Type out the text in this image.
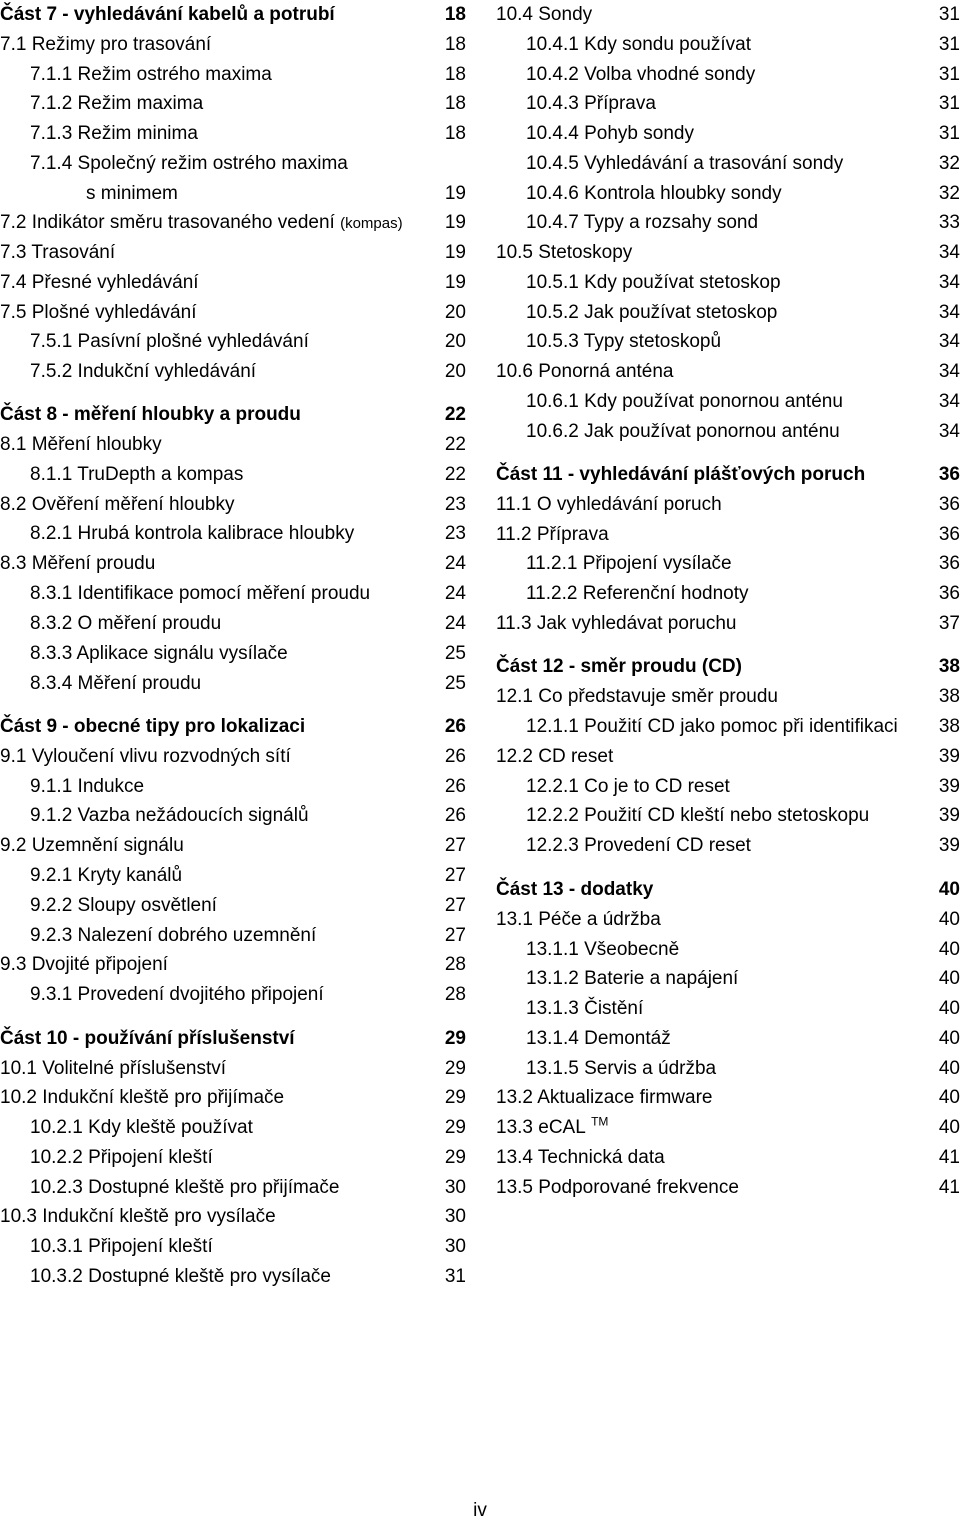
Část 7 - vyhledávání kabelů a potrubí	18
7.1 Režimy pro trasování	18
7.1.1 Režim ostrého maxima	18
7.1.2 Režim maxima	18
7.1.3 Režim minima	18
7.1.4 Společný režim ostrého maxima
s minimem	19
7.2 Indikátor směru trasovaného vedení (kompas) 19
7.3 Trasování	19
7.4 Přesné vyhledávání	19
7.5 Plošné vyhledávání	20
7.5.1 Pasívní plošné vyhledávání	20
7.5.2 Indukční vyhledávání	20
Část 8 - měření hloubky a proudu	22
8.1 Měření hloubky	22
8.1.1 TruDepth a kompas	22
8.2 Ověření měření hloubky	23
8.2.1 Hrubá kontrola kalibrace hloubky	23
8.3 Měření proudu	24
8.3.1 Identifikace pomocí měření proudu	24
8.3.2 O měření proudu	24
8.3.3 Aplikace signálu vysílače	25
8.3.4 Měření proudu	25
Část 9 - obecné tipy pro lokalizaci	26
9.1 Vyloučení vlivu rozvodných sítí	26
9.1.1 Indukce	26
9.1.2 Vazba nežádoucích signálů	26
9.2 Uzemnění signálu	27
9.2.1 Kryty kanálů	27
9.2.2 Sloupy osvětlení	27
9.2.3 Nalezení dobrého uzemnění	27
9.3 Dvojité připojení	28
9.3.1 Provedení dvojitého připojení	28
Část 10 - používání příslušenství	29
10.1 Volitelné příslušenství	29
10.2 Indukční kleště pro přijímače	29
10.2.1 Kdy kleště používat	29
10.2.2 Připojení kleští	29
10.2.3 Dostupné kleště pro přijímače	30
10.3 Indukční kleště pro vysílače	30
10.3.1 Připojení kleští	30
10.3.2 Dostupné kleště pro vysílače	31
10.4 Sondy	31
10.4.1 Kdy sondu používat	31
10.4.2 Volba vhodné sondy	31
10.4.3 Příprava	31
10.4.4 Pohyb sondy	31
10.4.5 Vyhledávání a trasování sondy	32
10.4.6 Kontrola hloubky sondy	32
10.4.7 Typy a rozsahy sond	33
10.5 Stetoskopy	34
10.5.1 Kdy používat stetoskop	34
10.5.2 Jak používat stetoskop	34
10.5.3 Typy stetoskopů	34
10.6 Ponorná anténa	34
10.6.1 Kdy používat ponornou anténu	34
10.6.2 Jak používat ponornou anténu	34
Část 11 - vyhledávání plášťových poruch	36
11.1 O vyhledávání poruch	36
11.2 Příprava	36
11.2.1 Připojení vysílače	36
11.2.2 Referenční hodnoty	36
11.3 Jak vyhledávat poruchu	37
Část 12 - směr proudu (CD)	38
12.1 Co představuje směr proudu	38
12.1.1 Použití CD jako pomoc při identifikaci 38
12.2 CD reset	39
12.2.1 Co je to CD reset	39
12.2.2 Použití CD kleští nebo stetoskopu	39
12.2.3 Provedení CD reset	39
Část 13 - dodatky	40
13.1 Péče a údržba	40
13.1.1 Všeobecně	40
13.1.2 Baterie a napájení	40
13.1.3 Čistění	40
13.1.4 Demontáž	40
13.1.5 Servis a údržba	40
13.2 Aktualizace firmware	40
13.3 eCAL ™	40
13.4 Technická data	41
13.5 Podporované frekvence	41
iv
